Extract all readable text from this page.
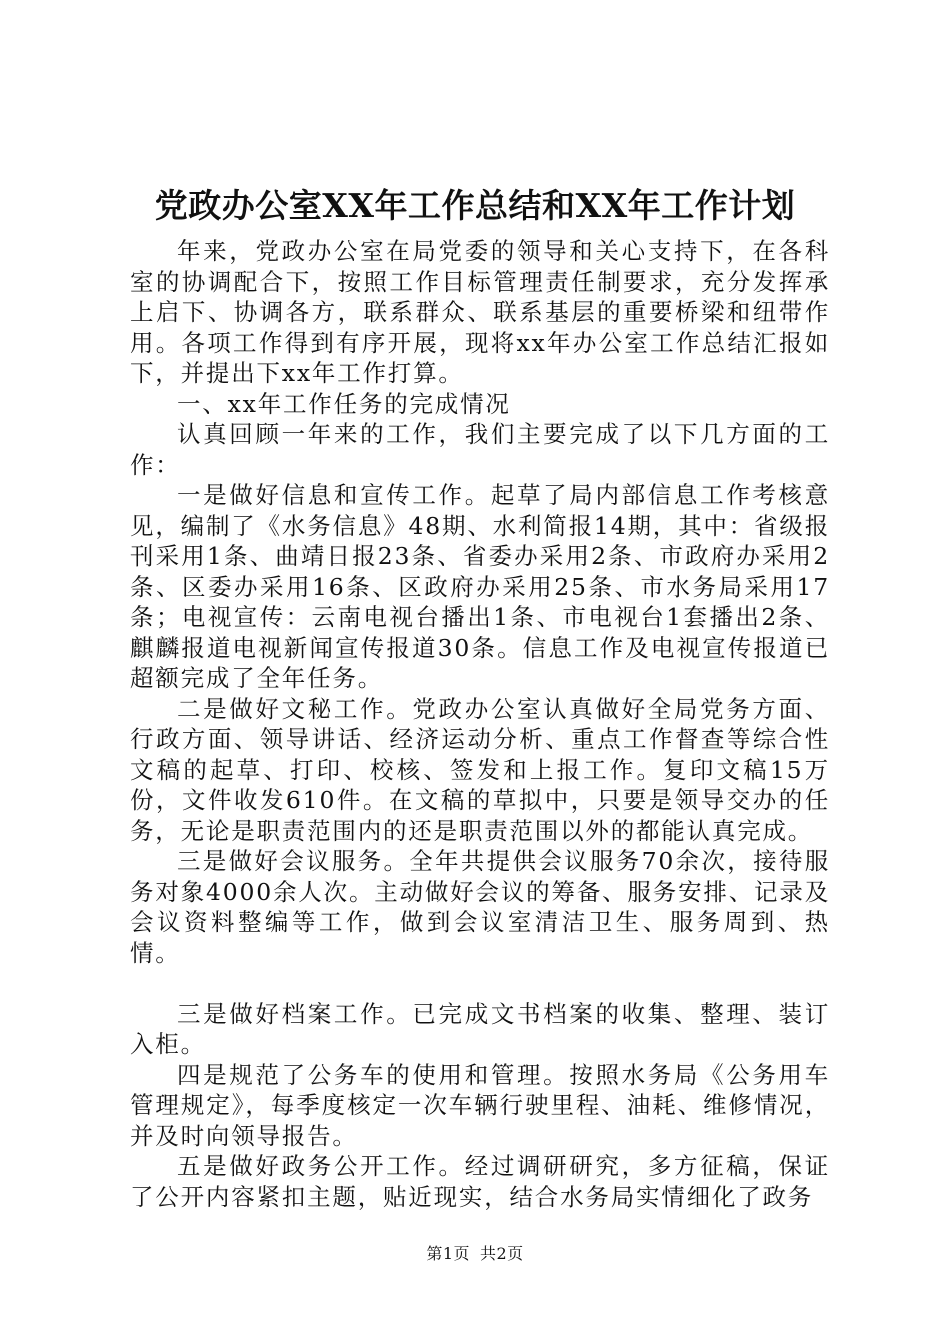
党政办公室XX年工作总结和XX年工作计划

年来，党政办公室在局党委的领导和关心支持下，在各科室的协调配合下，按照工作目标管理责任制要求，充分发挥承上启下、协调各方，联系群众、联系基层的重要桥梁和纽带作用。各项工作得到有序开展，现将xx年办公室工作总结汇报如下，并提出下xx年工作打算。

一、xx年工作任务的完成情况

认真回顾一年来的工作，我们主要完成了以下几方面的工作：

一是做好信息和宣传工作。起草了局内部信息工作考核意见，编制了《水务信息》48期、水利简报14期，其中：省级报刊采用1条、曲靖日报23条、省委办采用2条、市政府办采用2条、区委办采用16条、区政府办采用25条、市水务局采用17条；电视宣传：云南电视台播出1条、市电视台1套播出2条、麒麟报道电视新闻宣传报道30条。信息工作及电视宣传报道已超额完成了全年任务。

二是做好文秘工作。党政办公室认真做好全局党务方面、行政方面、领导讲话、经济运动分析、重点工作督查等综合性文稿的起草、打印、校核、签发和上报工作。复印文稿15万份，文件收发610件。在文稿的草拟中，只要是领导交办的任务，无论是职责范围内的还是职责范围以外的都能认真完成。

三是做好会议服务。全年共提供会议服务70余次，接待服务对象4000余人次。主动做好会议的筹备、服务安排、记录及会议资料整编等工作，做到会议室清洁卫生、服务周到、热情。

三是做好档案工作。已完成文书档案的收集、整理、装订入柜。

四是规范了公务车的使用和管理。按照水务局《公务用车管理规定》，每季度核定一次车辆行驶里程、油耗、维修情况，并及时向领导报告。

五是做好政务公开工作。经过调研研究，多方征稿，保证了公开内容紧扣主题，贴近现实，结合水务局实情细化了政务

第1页 共2页
